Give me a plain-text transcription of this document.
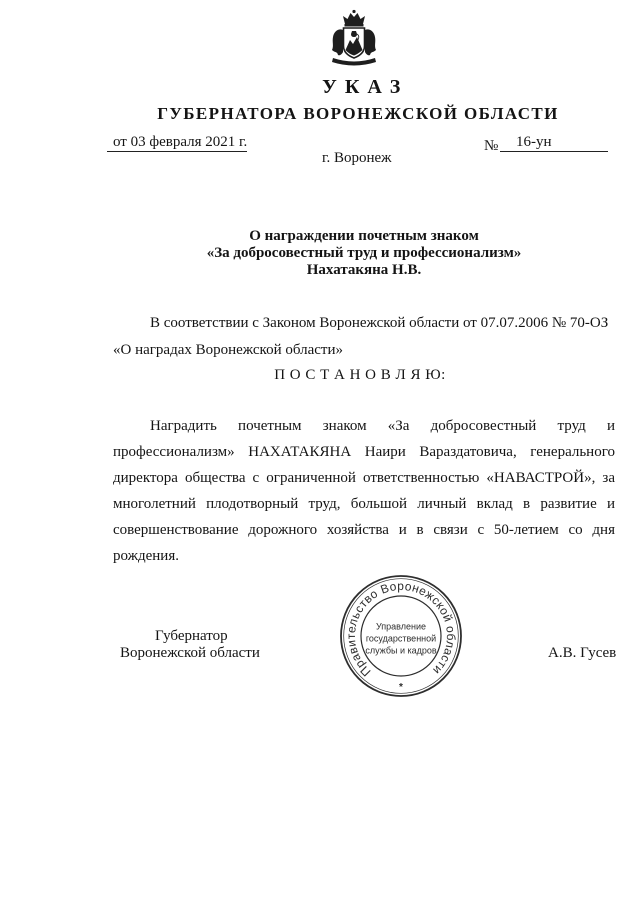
У К А З
ГУБЕРНАТОРА ВОРОНЕЖСКОЙ ОБЛАСТИ
от 03 февраля 2021 г.	№	16-ун
г. Воронеж
О награждении почетным знаком
«За добросовестный труд и профессионализм»
Нахатакяна Н.В.
В соответствии с Законом Воронежской области от 07.07.2006 № 70-ОЗ
«О наградах Воронежской области»
П О С Т А Н О В Л Я Ю:
Наградить почетным знаком «За добросовестный труд и
профессионализм» НАХАТАКЯНА Наири Вараздатовича, генерального
директора общества с ограниченной ответственностью «НАВАСТРОЙ», за
многолетний плодотворный труд, большой личный вклад в развитие и
совершенствование дорожного хозяйства и в связи с 50-летием со дня
рождения.
Губернатор
Воронежской области	А.В. Гусев
Правительство Воронежской области
Управление
государственной
службы и кадров
*
